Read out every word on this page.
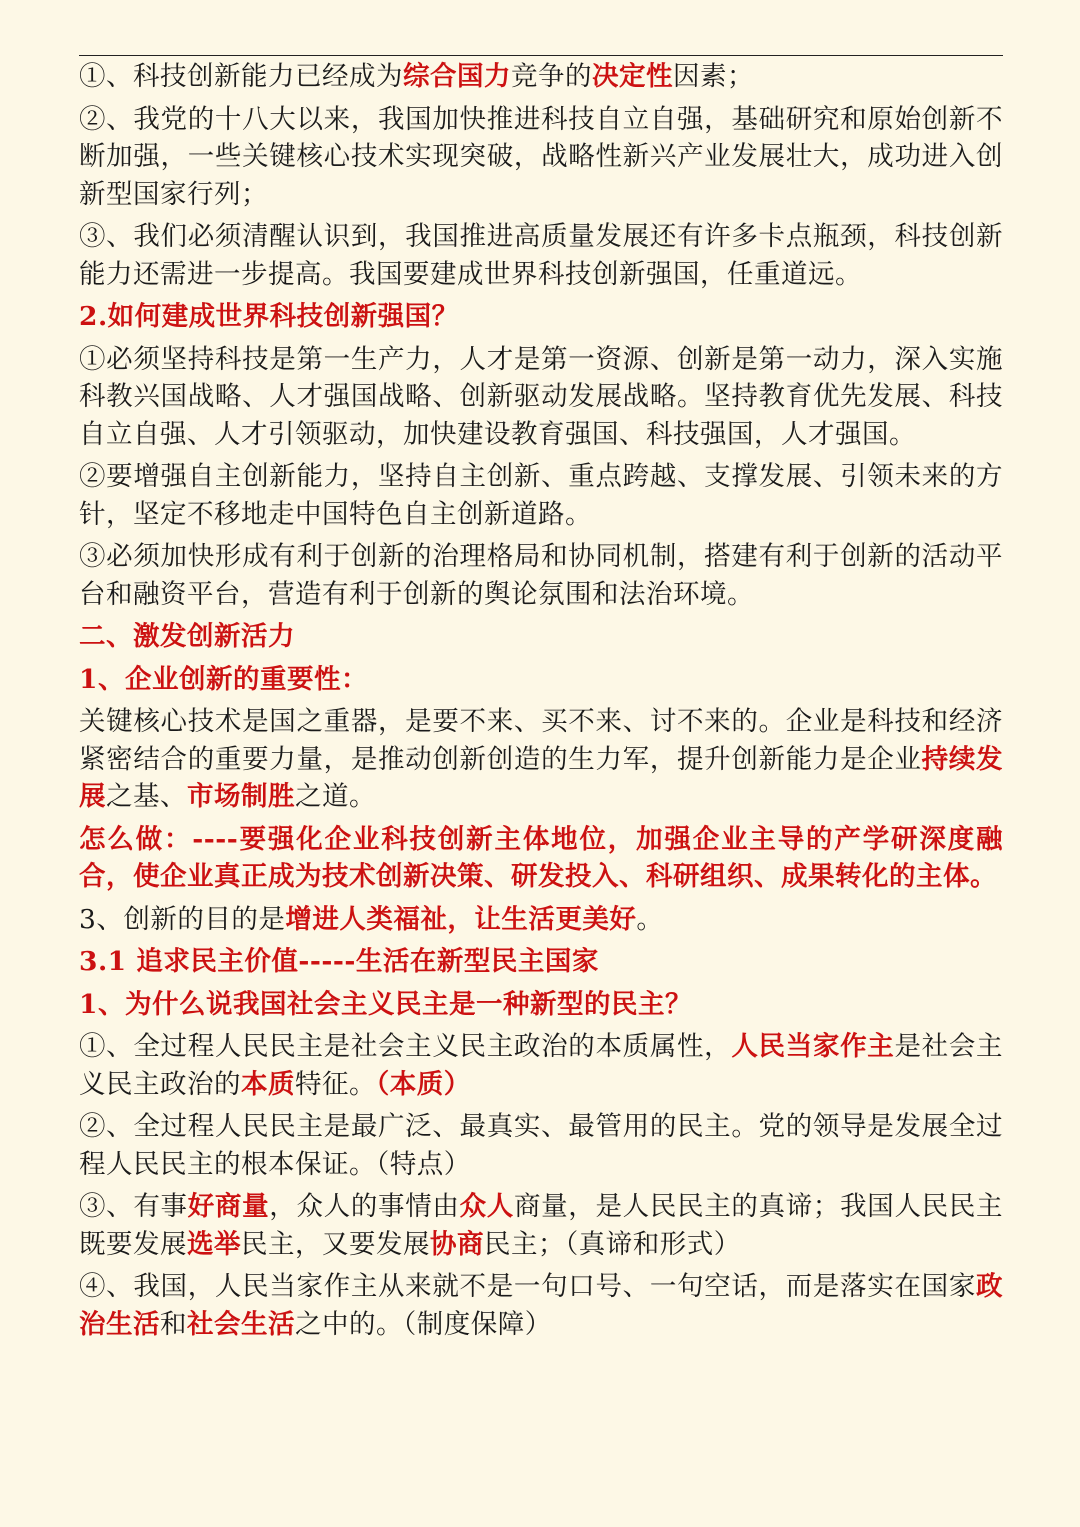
①、科技创新能力已经成为综合国力竞争的决定性因素；

②、我党的十八大以来，我国加快推进科技自立自强，基础研究和原始创新不断加强，一些关键核心技术实现突破，战略性新兴产业发展壮大，成功进入创新型国家行列；

③、我们必须清醒认识到，我国推进高质量发展还有许多卡点瓶颈，科技创新能力还需进一步提高。我国要建成世界科技创新强国，任重道远。

2.如何建成世界科技创新强国？

①必须坚持科技是第一生产力，人才是第一资源、创新是第一动力，深入实施科教兴国战略、人才强国战略、创新驱动发展战略。坚持教育优先发展、科技自立自强、人才引领驱动，加快建设教育强国、科技强国，人才强国。

②要增强自主创新能力，坚持自主创新、重点跨越、支撑发展、引领未来的方针，坚定不移地走中国特色自主创新道路。

③必须加快形成有利于创新的治理格局和协同机制，搭建有利于创新的活动平台和融资平台，营造有利于创新的舆论氛围和法治环境。

二、激发创新活力

1、企业创新的重要性：

关键核心技术是国之重器，是要不来、买不来、讨不来的。企业是科技和经济紧密结合的重要力量，是推动创新创造的生力军，提升创新能力是企业持续发展之基、市场制胜之道。

怎么做：----要强化企业科技创新主体地位，加强企业主导的产学研深度融合，使企业真正成为技术创新决策、研发投入、科研组织、成果转化的主体。

3、创新的目的是增进人类福祉，让生活更美好。

3.1 追求民主价值-----生活在新型民主国家

1、为什么说我国社会主义民主是一种新型的民主？

①、全过程人民民主是社会主义民主政治的本质属性，人民当家作主是社会主义民主政治的本质特征。（本质）

②、全过程人民民主是最广泛、最真实、最管用的民主。党的领导是发展全过程人民民主的根本保证。（特点）

③、有事好商量，众人的事情由众人商量，是人民民主的真谛；我国人民民主既要发展选举民主，又要发展协商民主；（真谛和形式）

④、我国，人民当家作主从来就不是一句口号、一句空话，而是落实在国家政治生活和社会生活之中的。（制度保障）
